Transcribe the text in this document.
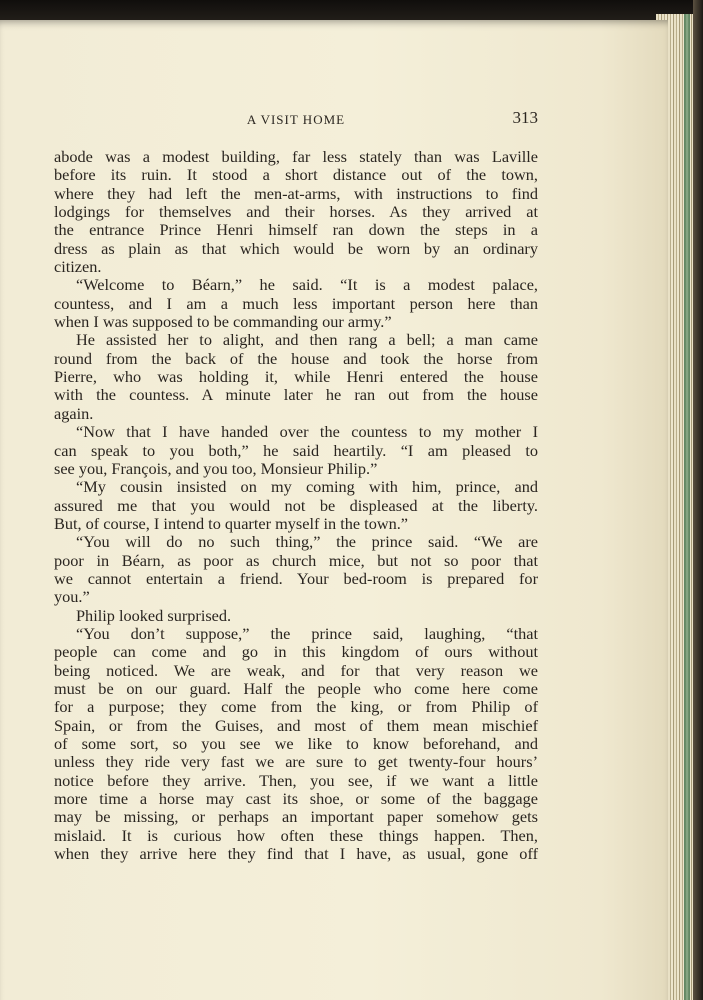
A VISIT HOME	313
abode was a modest building, far less stately than was Laville
before its ruin. It stood a short distance out of the town,
where they had left the men-at-arms, with instructions to find
lodgings for themselves and their horses. As they arrived at
the entrance Prince Henri himself ran down the steps in a
dress as plain as that which would be worn by an ordinary
citizen.
“Welcome to Béarn,” he said. “It is a modest palace,
countess, and I am a much less important person here than
when I was supposed to be commanding our army.”
He assisted her to alight, and then rang a bell; a man came
round from the back of the house and took the horse from
Pierre, who was holding it, while Henri entered the house
with the countess. A minute later he ran out from the house
again.
“Now that I have handed over the countess to my mother I
can speak to you both,” he said heartily. “I am pleased to
see you, François, and you too, Monsieur Philip.”
“My cousin insisted on my coming with him, prince, and
assured me that you would not be displeased at the liberty.
But, of course, I intend to quarter myself in the town.”
“You will do no such thing,” the prince said. “We are
poor in Béarn, as poor as church mice, but not so poor that
we cannot entertain a friend. Your bed-room is prepared for
you.”
Philip looked surprised.
“You don’t suppose,” the prince said, laughing, “that
people can come and go in this kingdom of ours without
being noticed. We are weak, and for that very reason we
must be on our guard. Half the people who come here come
for a purpose; they come from the king, or from Philip of
Spain, or from the Guises, and most of them mean mischief
of some sort, so you see we like to know beforehand, and
unless they ride very fast we are sure to get twenty-four hours’
notice before they arrive. Then, you see, if we want a little
more time a horse may cast its shoe, or some of the baggage
may be missing, or perhaps an important paper somehow gets
mislaid. It is curious how often these things happen. Then,
when they arrive here they find that I have, as usual, gone off
